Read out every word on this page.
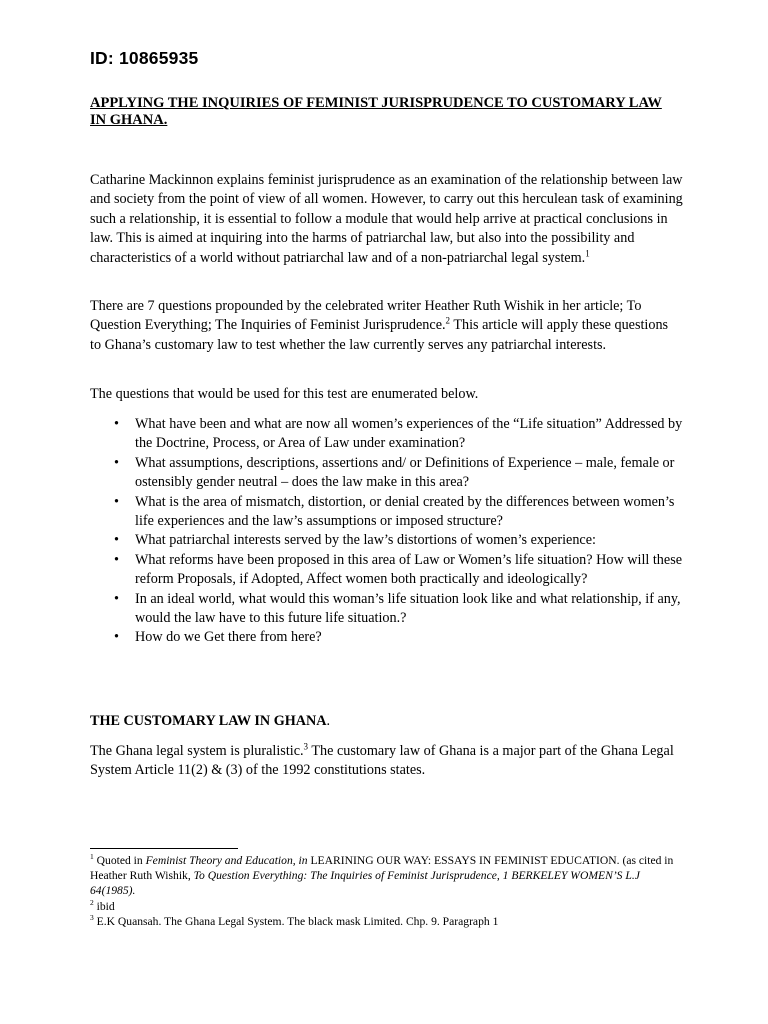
ID: 10865935
APPLYING THE INQUIRIES OF FEMINIST JURISPRUDENCE TO CUSTOMARY LAW IN GHANA.

Catharine Mackinnon explains feminist jurisprudence as an examination of the relationship between law and society from the point of view of all women. However, to carry out this herculean task of examining such a relationship, it is essential to follow a module that would help arrive at practical conclusions in law. This is aimed at inquiring into the harms of patriarchal law, but also into the possibility and characteristics of a world without patriarchal law and of a non-patriarchal legal system.$^1$

There are 7 questions propounded by the celebrated writer Heather Ruth Wishik in her article; To Question Everything; The Inquiries of Feminist Jurisprudence.$^2$ This article will apply these questions to Ghana’s customary law to test whether the law currently serves any patriarchal interests.

The questions that would be used for this test are enumerated below.

• What have been and what are now all women’s experiences of the “Life situation” Addressed by the Doctrine, Process, or Area of Law under examination?
• What assumptions, descriptions, assertions and/ or Definitions of Experience – male, female or ostensibly gender neutral – does the law make in this area?
• What is the area of mismatch, distortion, or denial created by the differences between women’s life experiences and the law’s assumptions or imposed structure?
• What patriarchal interests served by the law’s distortions of women’s experience:
• What reforms have been proposed in this area of Law or Women’s life situation? How will these reform Proposals, if Adopted, Affect women both practically and ideologically?
• In an ideal world, what would this woman’s life situation look like and what relationship, if any, would the law have to this future life situation.?
• How do we Get there from here?
THE CUSTOMARY LAW IN GHANA.

The Ghana legal system is pluralistic.$^3$ The customary law of Ghana is a major part of the Ghana Legal System Article 11(2) & (3) of the 1992 constitutions states.

$^1$ Quoted in Feminist Theory and Education, in LEARINING OUR WAY: ESSAYS IN FEMINIST EDUCATION. (as cited in Heather Ruth Wishik, To Question Everything: The Inquiries of Feminist Jurisprudence, 1 BERKELEY WOMEN’S L.J 64(1985).

$^2$ ibid

$^3$ E.K Quansah. The Ghana Legal System. The black mask Limited. Chp. 9. Paragraph 1
